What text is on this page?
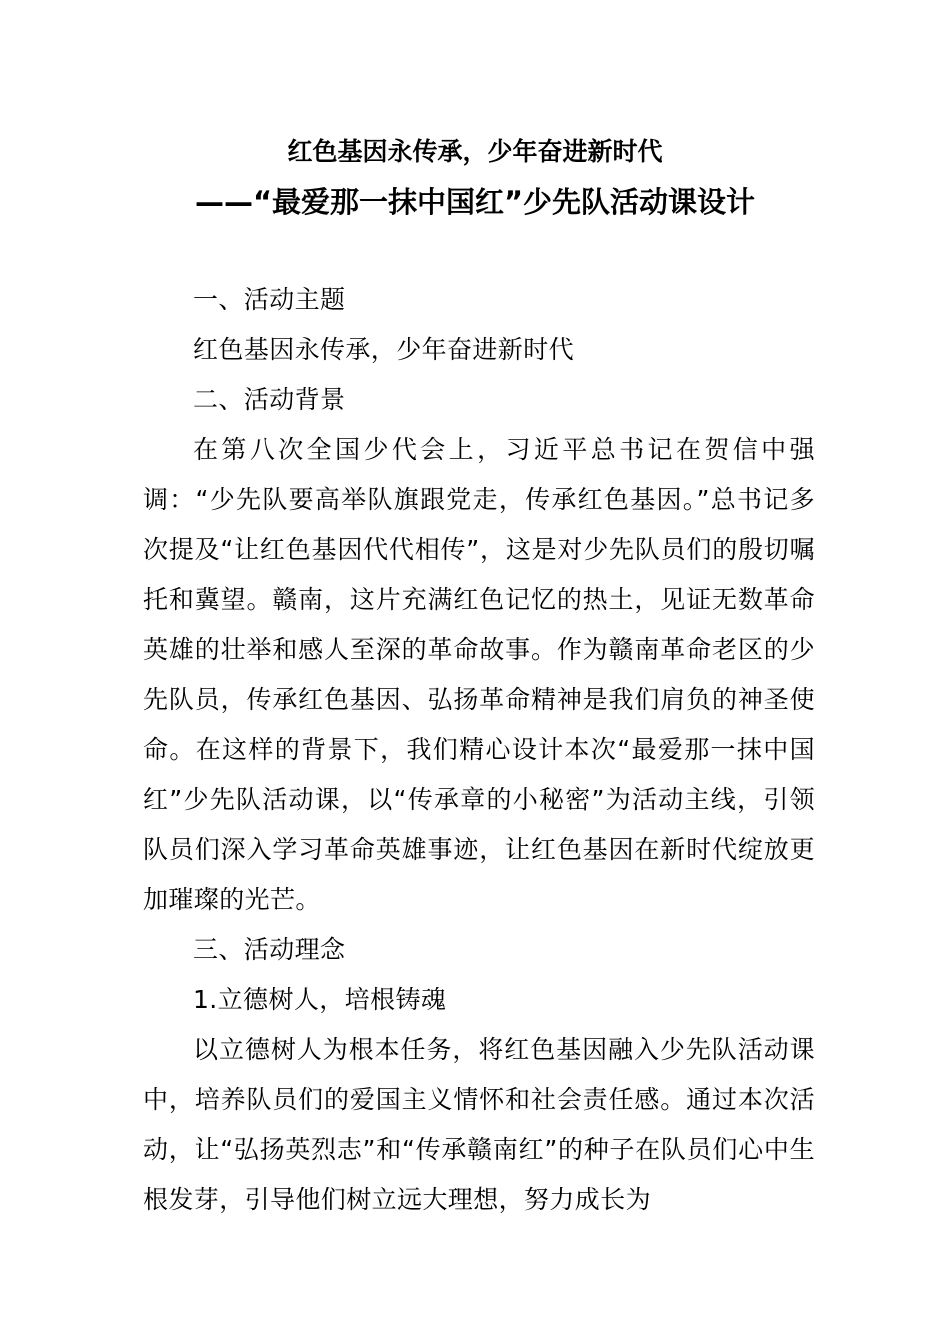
红色基因永传承，少年奋进新时代
——“最爱那一抹中国红”少先队活动课设计

一、活动主题

红色基因永传承，少年奋进新时代

二、活动背景

在第八次全国少代会上，习近平总书记在贺信中强调：“少先队要高举队旗跟党走，传承红色基因。”总书记多次提及“让红色基因代代相传”，这是对少先队员们的殷切嘱托和冀望。赣南，这片充满红色记忆的热土，见证无数革命英雄的壮举和感人至深的革命故事。作为赣南革命老区的少先队员，传承红色基因、弘扬革命精神是我们肩负的神圣使命。在这样的背景下，我们精心设计本次“最爱那一抹中国红”少先队活动课，以“传承章的小秘密”为活动主线，引领队员们深入学习革命英雄事迹，让红色基因在新时代绽放更加璀璨的光芒。

三、活动理念

1.立德树人，培根铸魂

以立德树人为根本任务，将红色基因融入少先队活动课中，培养队员们的爱国主义情怀和社会责任感。通过本次活动，让“弘扬英烈志”和“传承赣南红”的种子在队员们心中生根发芽，引导他们树立远大理想，努力成长为
